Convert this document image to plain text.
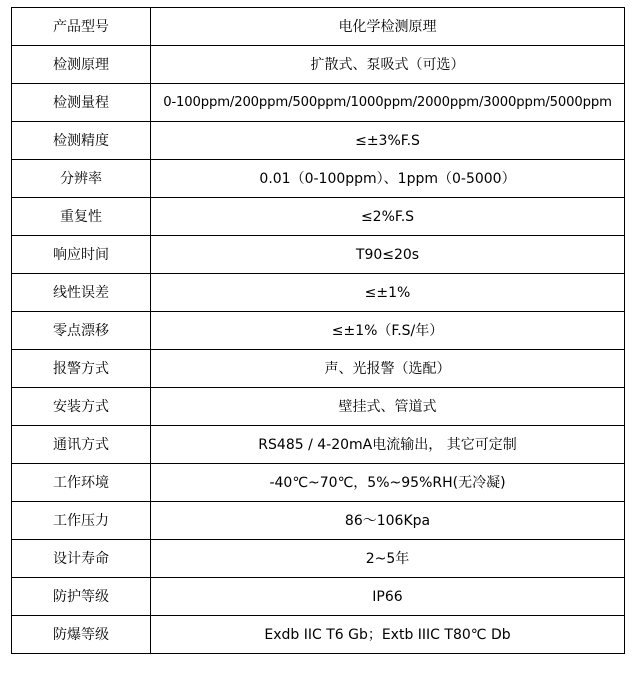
产品型号	电化学检测原理
检测原理	扩散式、泵吸式（可选）
检测量程	0-100ppm/200ppm/500ppm/1000ppm/2000ppm/3000ppm/5000ppm
检测精度	≤±3%F.S
分辨率	0.01（0-100ppm）、1ppm（0-5000）
重复性	≤2%F.S
响应时间	T90≤20s
线性误差	≤±1%
零点漂移	≤±1%（F.S/年）
报警方式	声、光报警（选配）
安装方式	壁挂式、管道式
通讯方式	RS485 / 4-20mA电流输出， 其它可定制
工作环境	-40℃~70℃，5%~95%RH(无冷凝)
工作压力	86～106Kpa
设计寿命	2~5年
防护等级	IP66
防爆等级	Exdb IIC T6 Gb；Extb IIIC T80℃ Db
